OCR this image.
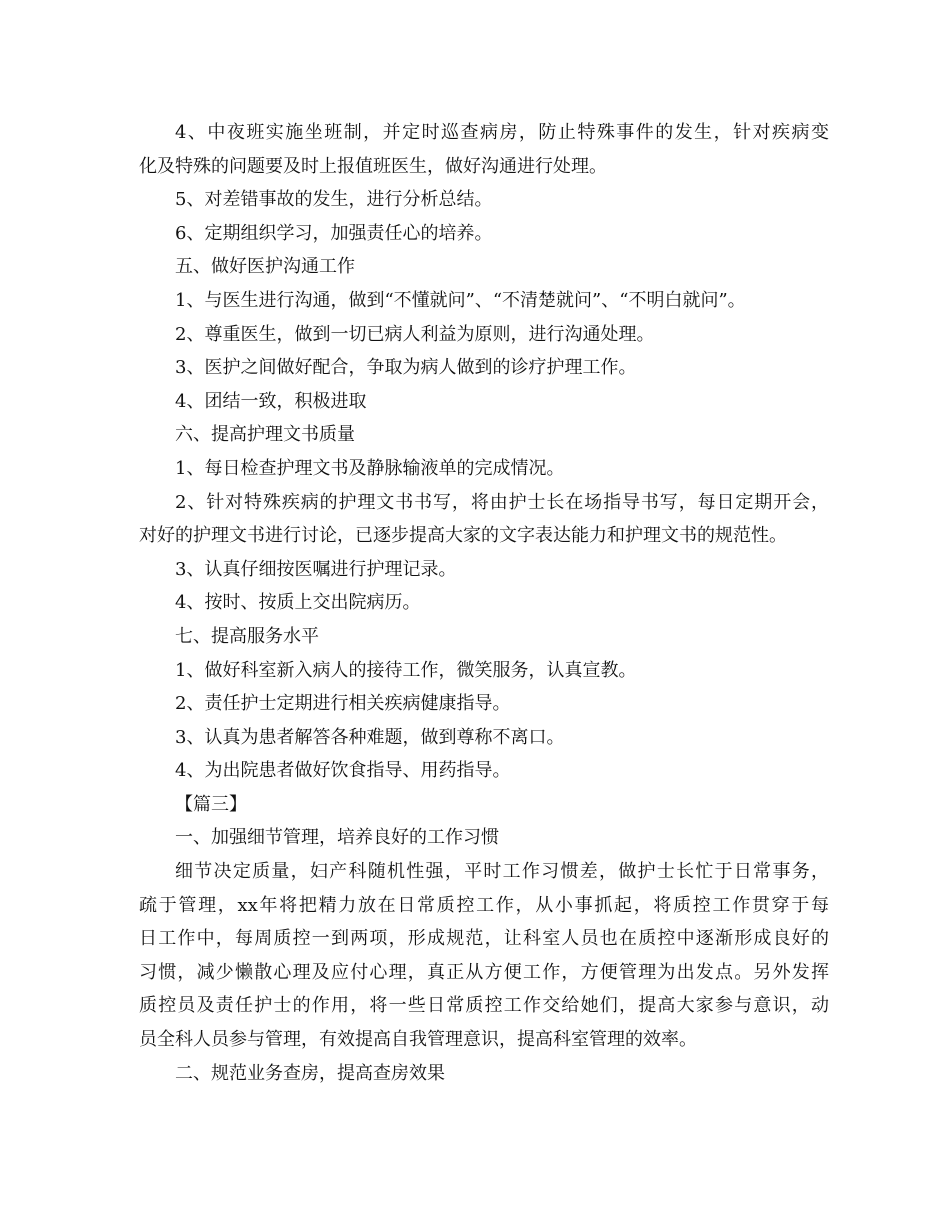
4、中夜班实施坐班制，并定时巡查病房，防止特殊事件的发生，针对疾病变
化及特殊的问题要及时上报值班医生，做好沟通进行处理。
5、对差错事故的发生，进行分析总结。
6、定期组织学习，加强责任心的培养。
五、做好医护沟通工作
1、与医生进行沟通，做到“不懂就问”、“不清楚就问”、“不明白就问”。
2、尊重医生，做到一切已病人利益为原则，进行沟通处理。
3、医护之间做好配合，争取为病人做到的诊疗护理工作。
4、团结一致，积极进取
六、提高护理文书质量
1、每日检查护理文书及静脉输液单的完成情况。
2、针对特殊疾病的护理文书书写，将由护士长在场指导书写，每日定期开会，
对好的护理文书进行讨论，已逐步提高大家的文字表达能力和护理文书的规范性。
3、认真仔细按医嘱进行护理记录。
4、按时、按质上交出院病历。
七、提高服务水平
1、做好科室新入病人的接待工作，微笑服务，认真宣教。
2、责任护士定期进行相关疾病健康指导。
3、认真为患者解答各种难题，做到尊称不离口。
4、为出院患者做好饮食指导、用药指导。
【篇三】
一、加强细节管理，培养良好的工作习惯
细节决定质量，妇产科随机性强，平时工作习惯差，做护士长忙于日常事务，
疏于管理，xx年将把精力放在日常质控工作，从小事抓起，将质控工作贯穿于每
日工作中，每周质控一到两项，形成规范，让科室人员也在质控中逐渐形成良好的
习惯，减少懒散心理及应付心理，真正从方便工作，方便管理为出发点。另外发挥
质控员及责任护士的作用，将一些日常质控工作交给她们，提高大家参与意识，动
员全科人员参与管理，有效提高自我管理意识，提高科室管理的效率。
二、规范业务查房，提高查房效果
